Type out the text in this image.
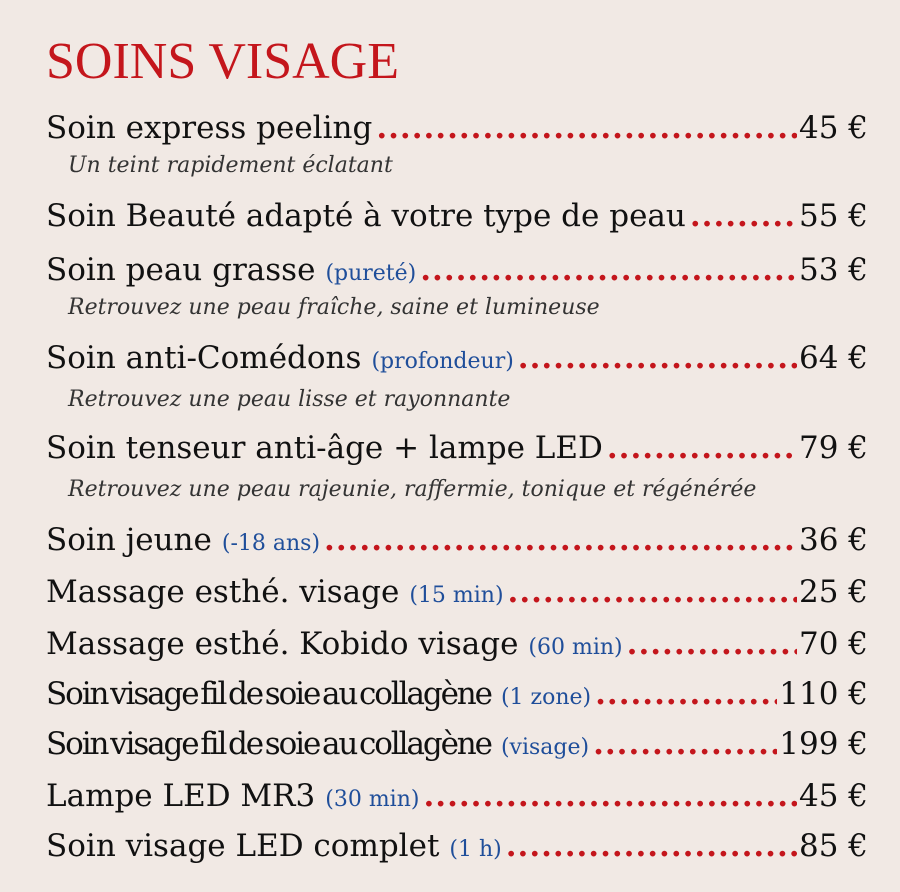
SOINS VISAGE
Soin express peeling .....	45 €
Un teint rapidement éclatant
Soin Beauté adapté à votre type de peau .....	55 €
Soin peau grasse (pureté) .....	53 €
Retrouvez une peau fraîche, saine et lumineuse
Soin anti-Comédons (profondeur) .....	64 €
Retrouvez une peau lisse et rayonnante
Soin tenseur anti-âge + lampe LED .....	79 €
Retrouvez une peau rajeunie, raffermie, tonique et régénérée
Soin jeune (-18 ans) .....	36 €
Massage esthé. visage (15 min) .....	25 €
Massage esthé. Kobido visage (60 min) .....	70 €
Soin visage fil de soie au collagène (1 zone) .....	110 €
Soin visage fil de soie au collagène (visage) .....	199 €
Lampe LED MR3 (30 min) .....	45 €
Soin visage LED complet (1 h) .....	85 €
